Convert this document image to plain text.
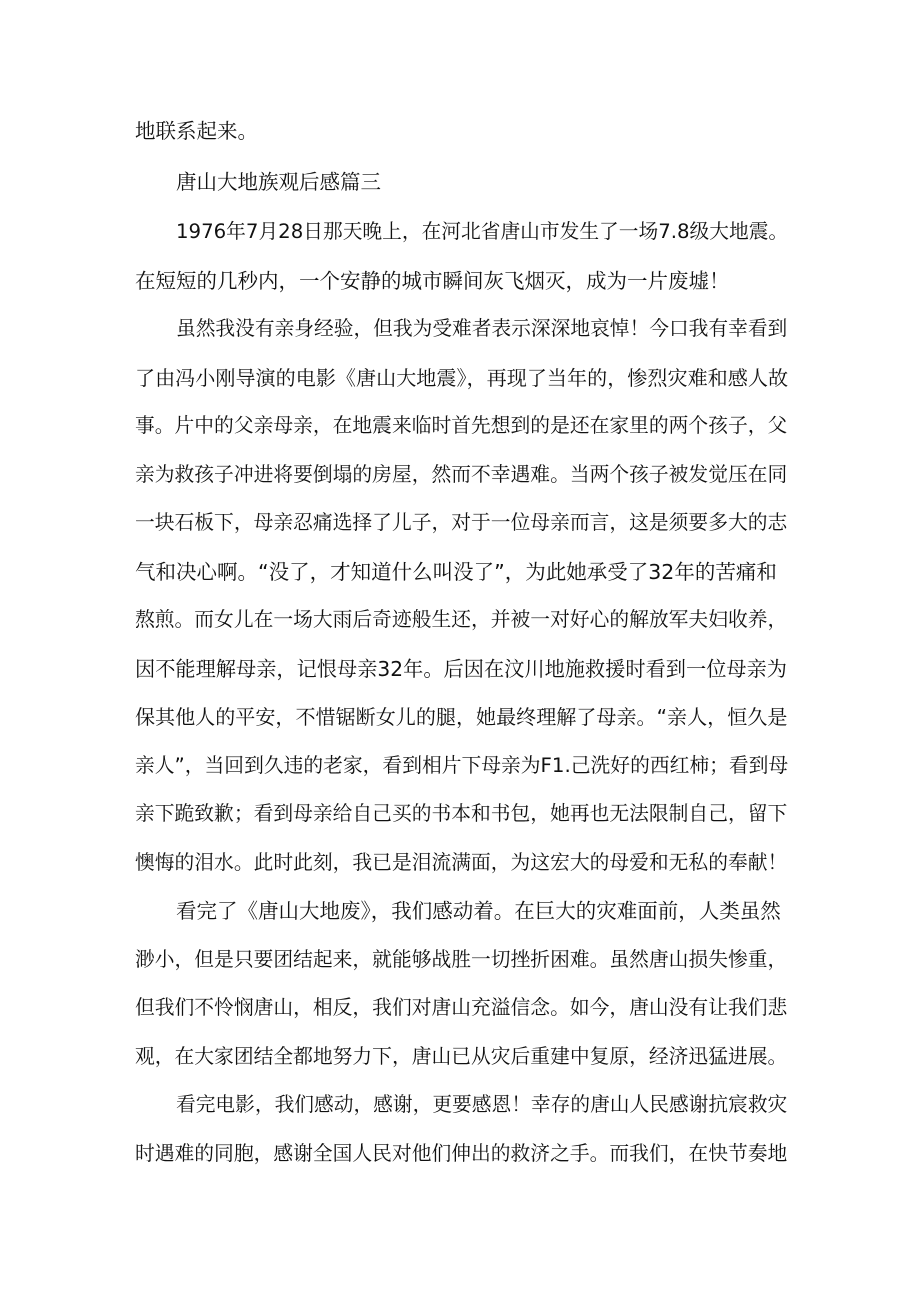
地联系起来。
唐山大地族观后感篇三
1976年7月28日那天晚上，在河北省唐山市发生了一场7.8级大地震。
在短短的几秒内，一个安静的城市瞬间灰飞烟灭，成为一片废墟！
虽然我没有亲身经验，但我为受难者表示深深地哀悼！今口我有幸看到
了由冯小刚导演的电影《唐山大地震》，再现了当年的，惨烈灾难和感人故
事。片中的父亲母亲，在地震来临时首先想到的是还在家里的两个孩子，父
亲为救孩子冲进将要倒塌的房屋，然而不幸遇难。当两个孩子被发觉压在同
一块石板下，母亲忍痛选择了儿子，对于一位母亲而言，这是须要多大的志
气和决心啊。“没了，才知道什么叫没了”，为此她承受了32年的苦痛和
熬煎。而女儿在一场大雨后奇迹般生还，并被一对好心的解放军夫妇收养，
因不能理解母亲，记恨母亲32年。后因在汶川地施救援时看到一位母亲为
保其他人的平安，不惜锯断女儿的腿，她最终理解了母亲。“亲人，恒久是
亲人”，当回到久违的老家，看到相片下母亲为F1.己洗好的西红柿；看到母
亲下跪致歉；看到母亲给自己买的书本和书包，她再也无法限制自己，留下
懊悔的泪水。此时此刻，我已是泪流满面，为这宏大的母爱和无私的奉献！
看完了《唐山大地废》，我们感动着。在巨大的灾难面前，人类虽然
渺小，但是只要团结起来，就能够战胜一切挫折困难。虽然唐山损失惨重，
但我们不怜悯唐山，相反，我们对唐山充溢信念。如今，唐山没有让我们悲
观，在大家团结全都地努力下，唐山已从灾后重建中复原，经济迅猛进展。
看完电影，我们感动，感谢，更要感恩！幸存的唐山人民感谢抗宸救灾
时遇难的同胞，感谢全国人民对他们伸出的救济之手。而我们，在快节奏地
